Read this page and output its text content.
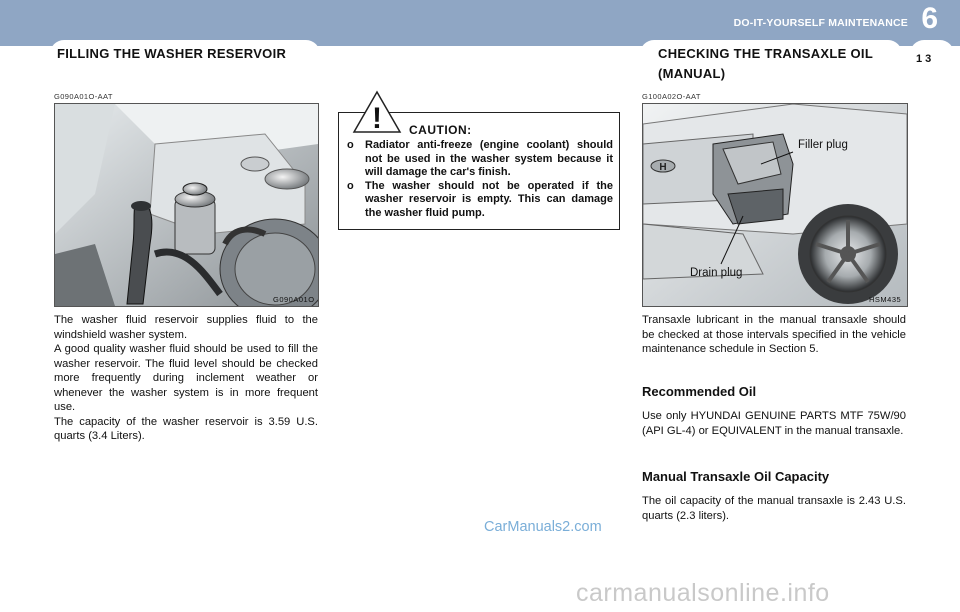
DO-IT-YOURSELF MAINTENANCE 6
FILLING THE WASHER RESERVOIR	CHECKING THE TRANSAXLE OIL
(MANUAL)
13
G090A01O-AAT
G090A01O

The washer fluid reservoir supplies fluid to the windshield washer system.

A good quality washer fluid should be used to fill the washer reservoir. The fluid level should be checked more frequently during inclement weather or whenever the washer system is in more frequent use.

The capacity of the washer reservoir is 3.59 U.S. quarts (3.4 Liters).

CAUTION:
o	Radiator anti-freeze (engine coolant) should not be used in the washer system because it will damage the car's finish.
o	The washer should not be operated if the washer reservoir is empty. This can damage the washer fluid pump.
!
G100A02O-AAT
H
Filler plug
Drain plug
HSM435
Transaxle lubricant in the manual transaxle should be checked at those intervals specified in the vehicle maintenance schedule in Section 5.
Recommended Oil
Use only HYUNDAI GENUINE PARTS MTF 75W/90 (API GL-4) or EQUIVALENT in the manual transaxle.
Manual Transaxle Oil Capacity
The oil capacity of the manual transaxle is 2.43 U.S. quarts (2.3 liters).
CarManuals2.com
carmanualsonline.info
